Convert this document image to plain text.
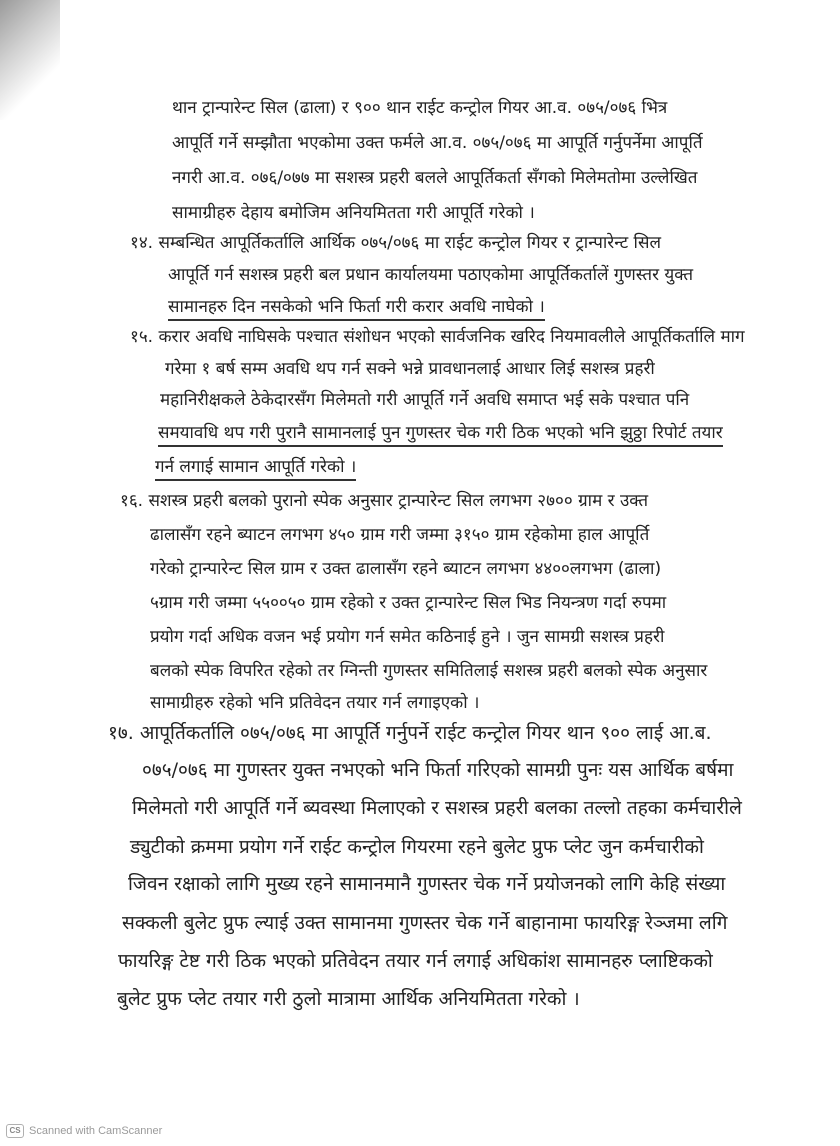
थान ट्रान्पारेन्ट सिल (ढाला) र ९०० थान राईट कन्ट्रोल गियर आ.व. ०७५/०७६ भित्र
आपूर्ति गर्ने सम्झौता भएकोमा उक्त फर्मले आ.व. ०७५/०७६ मा आपूर्ति गर्नुपर्नेमा आपूर्ति
नगरी आ.व. ०७६/०७७ मा सशस्त्र प्रहरी बलले आपूर्तिकर्ता सँगको मिलेमतोमा उल्लेखित
सामाग्रीहरु देहाय बमोजिम अनियमितता गरी आपूर्ति गरेको ।
१४. सम्बन्धित आपूर्तिकर्तालि आर्थिक ०७५/०७६ मा राईट कन्ट्रोल गियर र ट्रान्पारेन्ट सिल
आपूर्ति गर्न सशस्त्र प्रहरी बल प्रधान कार्यालयमा पठाएकोमा आपूर्तिकर्तालें गुणस्तर युक्त
सामानहरु दिन नसकेको भनि फिर्ता गरी करार अवधि नाघेको ।
१५. करार अवधि नाघिसके पश्चात संशोधन भएको सार्वजनिक खरिद नियमावलीले आपूर्तिकर्तालि माग
गरेमा १ बर्ष सम्म अवधि थप गर्न सक्ने भन्ने प्रावधानलाई आधार लिई सशस्त्र प्रहरी
महानिरीक्षकले ठेकेदारसँग मिलेमतो गरी आपूर्ति गर्ने अवधि समाप्त भई सके पश्चात पनि
समयावधि थप गरी पुरानै सामानलाई पुन गुणस्तर चेक गरी ठिक भएको भनि झुठ्ठा रिपोर्ट तयार
गर्न लगाई सामान आपूर्ति गरेको ।
१६. सशस्त्र प्रहरी बलको पुरानो स्पेक अनुसार ट्रान्पारेन्ट सिल लगभग २७०० ग्राम र उक्त
ढालासँग रहने ब्याटन लगभग ४५० ग्राम गरी जम्मा ३१५० ग्राम रहेकोमा हाल आपूर्ति
गरेको ट्रान्पारेन्ट सिल ग्राम र उक्त ढालासँग रहने ब्याटन लगभग ४४००लगभग (ढाला)
५ग्राम गरी जम्मा ५५००५० ग्राम रहेको र उक्त ट्रान्पारेन्ट सिल भिड नियन्त्रण गर्दा रुपमा
प्रयोग गर्दा अधिक वजन भई प्रयोग गर्न समेत कठिनाई हुने । जुन सामग्री सशस्त्र प्रहरी
बलको स्पेक विपरित रहेको तर ग्निन्ती गुणस्तर समितिलाई सशस्त्र प्रहरी बलको स्पेक अनुसार
सामाग्रीहरु रहेको भनि प्रतिवेदन तयार गर्न लगाइएको ।
१७. आपूर्तिकर्तालि ०७५/०७६ मा आपूर्ति गर्नुपर्ने राईट कन्ट्रोल गियर थान ९०० लाई आ.ब.
०७५/०७६ मा गुणस्तर युक्त नभएको भनि फिर्ता गरिएको सामग्री पुनः यस आर्थिक बर्षमा
मिलेमतो गरी आपूर्ति गर्ने ब्यवस्था मिलाएको र सशस्त्र प्रहरी बलका तल्लो तहका कर्मचारीले
ड्युटीको क्रममा प्रयोग गर्ने राईट कन्ट्रोल गियरमा रहने बुलेट प्रुफ प्लेट जुन कर्मचारीको
जिवन रक्षाको लागि मुख्य रहने सामानमानै गुणस्तर चेक गर्ने प्रयोजनको लागि केहि संख्या
सक्कली बुलेट प्रुफ ल्याई उक्त सामानमा गुणस्तर चेक गर्ने बाहानामा फायरिङ्ग रेञ्जमा लगि
फायरिङ्ग टेष्ट गरी ठिक भएको प्रतिवेदन तयार गर्न लगाई अधिकांश सामानहरु प्लाष्टिकको
बुलेट प्रुफ प्लेट तयार गरी ठुलो मात्रामा आर्थिक अनियमितता गरेको ।
CS Scanned with CamScanner
